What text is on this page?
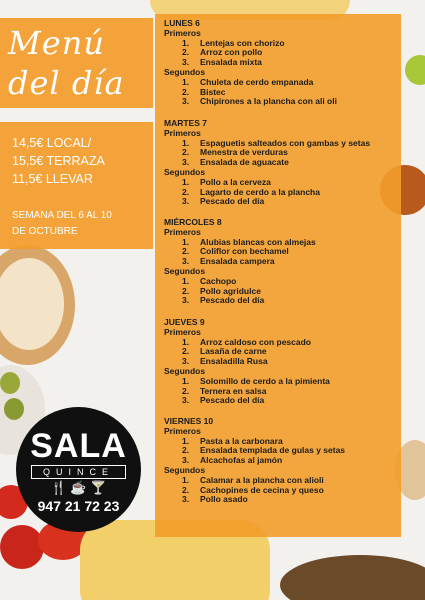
Menú
del día
14,5€ LOCAL/
15,5€ TERRAZA
11,5€ LLEVAR
SEMANA DEL 6 AL 10
DE OCTUBRE
LUNES 6
Primeros
1. Lentejas con chorizo
2. Arroz con pollo
3. Ensalada mixta
Segundos
1. Chuleta de cerdo empanada
2. Bistec
3. Chipirones a la plancha con ali oli
MARTES 7
Primeros
1. Espaguetis salteados con gambas y setas
2. Menestra de verduras
3. Ensalada de aguacate
Segundos
1. Pollo a la cerveza
2. Lagarto de cerdo a la plancha
3. Pescado del día
MIÉRCOLES 8
Primeros
1. Alubias blancas con almejas
2. Coliflor con bechamel
3. Ensalada campera
Segundos
1. Cachopo
2. Pollo agridulce
3. Pescado del día
JUEVES 9
Primeros
1. Arroz caldoso con pescado
2. Lasaña de carne
3. Ensaladilla Rusa
Segundos
1. Solomillo de cerdo a la pimienta
2. Ternera en salsa
3. Pescado del día
VIERNES 10
Primeros
1. Pasta a la carbonara
2. Ensalada templada de gulas y setas
3. Alcachofas al jamón
Segundos
1. Calamar a la plancha con alioli
2. Cachopines de cecina y queso
3. Pollo asado
SALA
QUINCE
🍴 ☕ 🍸
947 21 72 23
